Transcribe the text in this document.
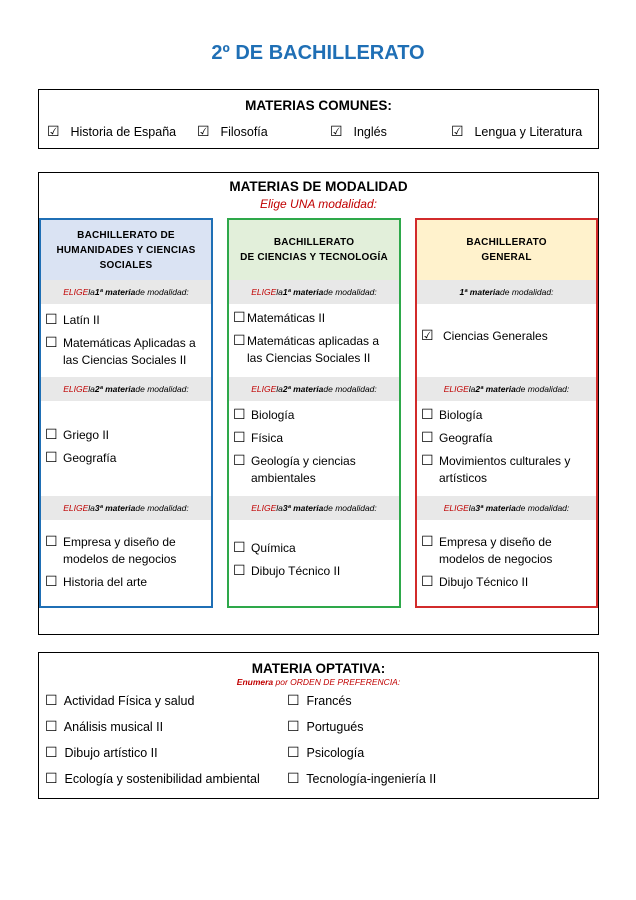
2º DE BACHILLERATO
MATERIAS COMUNES:
☑ Historia de España ☑ Filosofía	☑ Inglés	☑ Lengua y Literatura
MATERIAS DE MODALIDAD
Elige UNA modalidad:
BACHILLERATO DE
HUMANIDADES Y CIENCIAS
SOCIALES
ELIGE la 1ª materia de modalidad:
☐ Latín II
☐ Matemáticas Aplicadas a las Ciencias Sociales II
ELIGE la 2ª materia de modalidad:
☐ Griego II
☐ Geografía
ELIGE la 3ª materia de modalidad:
☐ Empresa y diseño de modelos de negocios
☐ Historia del arte
BACHILLERATO
DE CIENCIAS Y TECNOLOGÍA
ELIGE la 1ª materia de modalidad:
☐ Matemáticas II
☐ Matemáticas aplicadas a las Ciencias Sociales II
ELIGE la 2ª materia de modalidad:
☐ Biología
☐ Física
☐ Geología y ciencias ambientales
ELIGE la 3ª materia de modalidad:
☐ Química
☐ Dibujo Técnico II
BACHILLERATO
GENERAL
1ª materia de modalidad:
☑ Ciencias Generales
ELIGE la 2ª materia de modalidad:
☐ Biología
☐ Geografía
☐ Movimientos culturales y artísticos
ELIGE la 3ª materia de modalidad:
☐ Empresa y diseño de modelos de negocios
☐ Dibujo Técnico II
MATERIA OPTATIVA:
Enumera por ORDEN DE PREFERENCIA:
☐ Actividad Física y salud
☐ Análisis musical II
☐ Dibujo artístico II
☐ Ecología y sostenibilidad ambiental
☐ Francés
☐ Portugués
☐ Psicología
☐ Tecnología-ingeniería II
